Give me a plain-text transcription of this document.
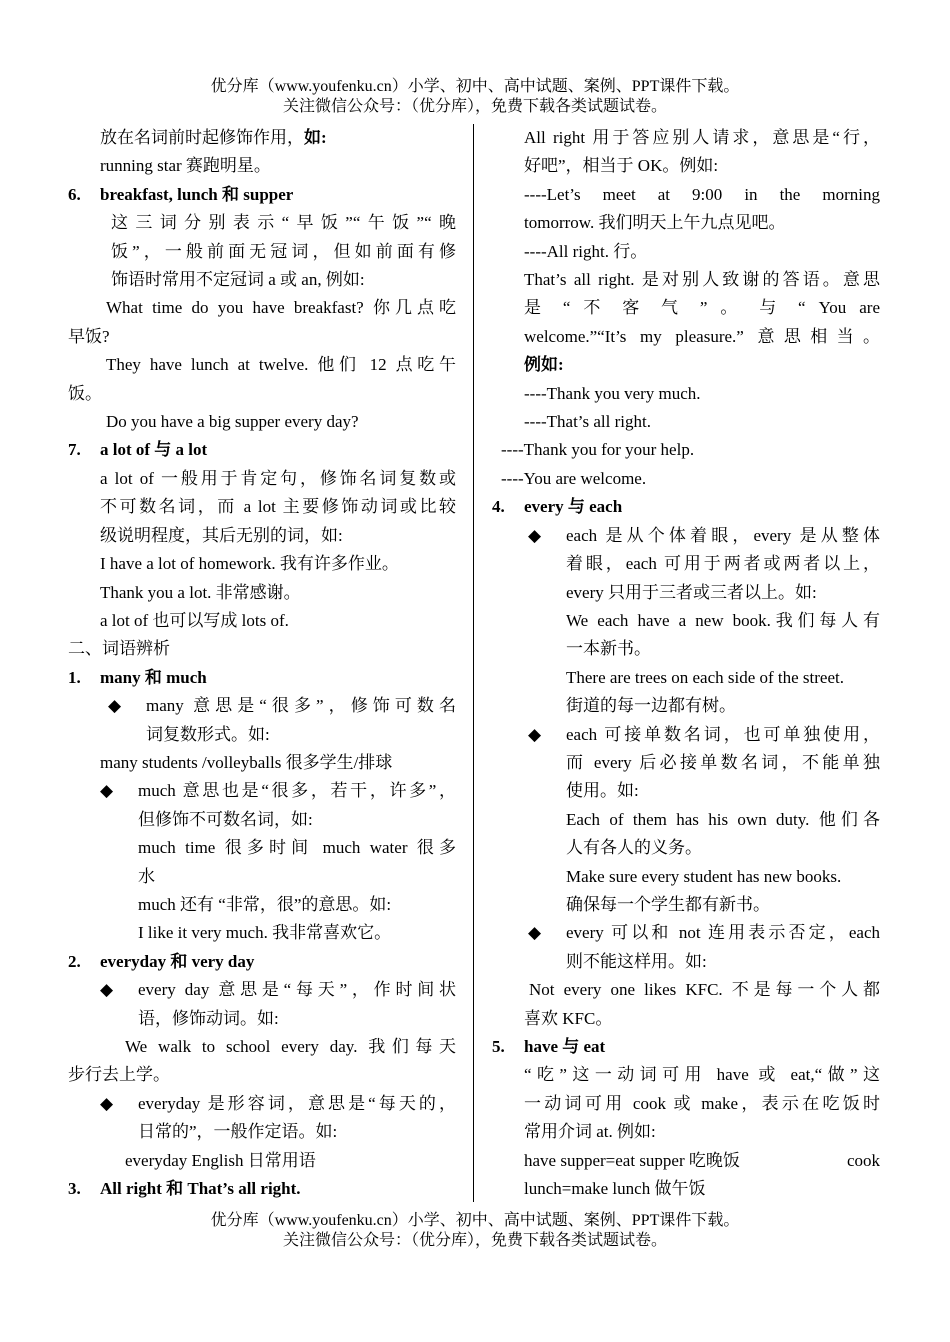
优分库（www.youfenku.cn）小学、初中、高中试题、案例、PPT课件下载。
关注微信公众号：（优分库），免费下载各类试题试卷。
放在名词前时起修饰作用，如:
running star 赛跑明星。
6. breakfast, lunch 和 supper
这三词分别表示“早饭”“午饭”“晚
饭”，一般前面无冠词，但如前面有修
饰语时常用不定冠词 a 或 an, 例如:
What time do you have breakfast? 你几点吃
早饭?
They have lunch at twelve. 他们 12 点吃午
饭。
Do you have a big supper every day?
7. a lot of 与 a lot
a lot of 一般用于肯定句，修饰名词复数或
不可数名词，而 a lot 主要修饰动词或比较
级说明程度，其后无别的词，如:
I have a lot of homework. 我有许多作业。
Thank you a lot. 非常感谢。
a lot of 也可以写成 lots of.
二、词语辨析
1. many 和 much
◆	many 意思是“很多”，修饰可数名
词复数形式。如:
many students /volleyballs 很多学生/排球
◆	much 意思也是“很多，若干，许多”，
但修饰不可数名词，如:
much time 很多时间 much water 很多
水
much 还有 “非常，很”的意思。如:
I like it very much. 我非常喜欢它。
2. everyday 和 very day
◆	every day 意思是“每天”，作时间状
语，修饰动词。如:
We walk to school every day. 我们每天
步行去上学。
◆	everyday 是形容词，意思是“每天的，
日常的”，一般作定语。如:
everyday English 日常用语
3. All right 和 That’s all right.
All right 用于答应别人请求，意思是“行，
好吧”，相当于 OK。例如:
----Let’s meet at 9:00 in the morning
tomorrow. 我们明天上午九点见吧。
----All right. 行。
That’s all right. 是对别人致谢的答语。意思
是 “ 不 客 气 ” 。 与 “ You are
welcome.”“It’s my pleasure.” 意思相当。
例如:
----Thank you very much.
----That’s all right.
----Thank you for your help.
----You are welcome.
4. every 与 each
◆	each 是从个体着眼，every 是从整体
着眼，each 可用于两者或两者以上，
every 只用于三者或三者以上。如:
We each have a new book.我们每人有
一本新书。
There are trees on each side of the street.
街道的每一边都有树。
◆	each 可接单数名词，也可单独使用，
而 every 后必接单数名词，不能单独
使用。如:
Each of them has his own duty. 他们各
人有各人的义务。
Make sure every student has new books.
确保每一个学生都有新书。
◆	every 可以和 not 连用表示否定，each
则不能这样用。如:
Not every one likes KFC. 不是每一个人都
喜欢 KFC。
5. have 与 eat
“吃”这一动词可用 have 或 eat,“做”这
一动词可用 cook 或 make，表示在吃饭时
常用介词 at. 例如:
have supper=eat supper 吃晚饭	cook
lunch=make lunch 做午饭
优分库（www.youfenku.cn）小学、初中、高中试题、案例、PPT课件下载。
关注微信公众号：（优分库），免费下载各类试题试卷。
